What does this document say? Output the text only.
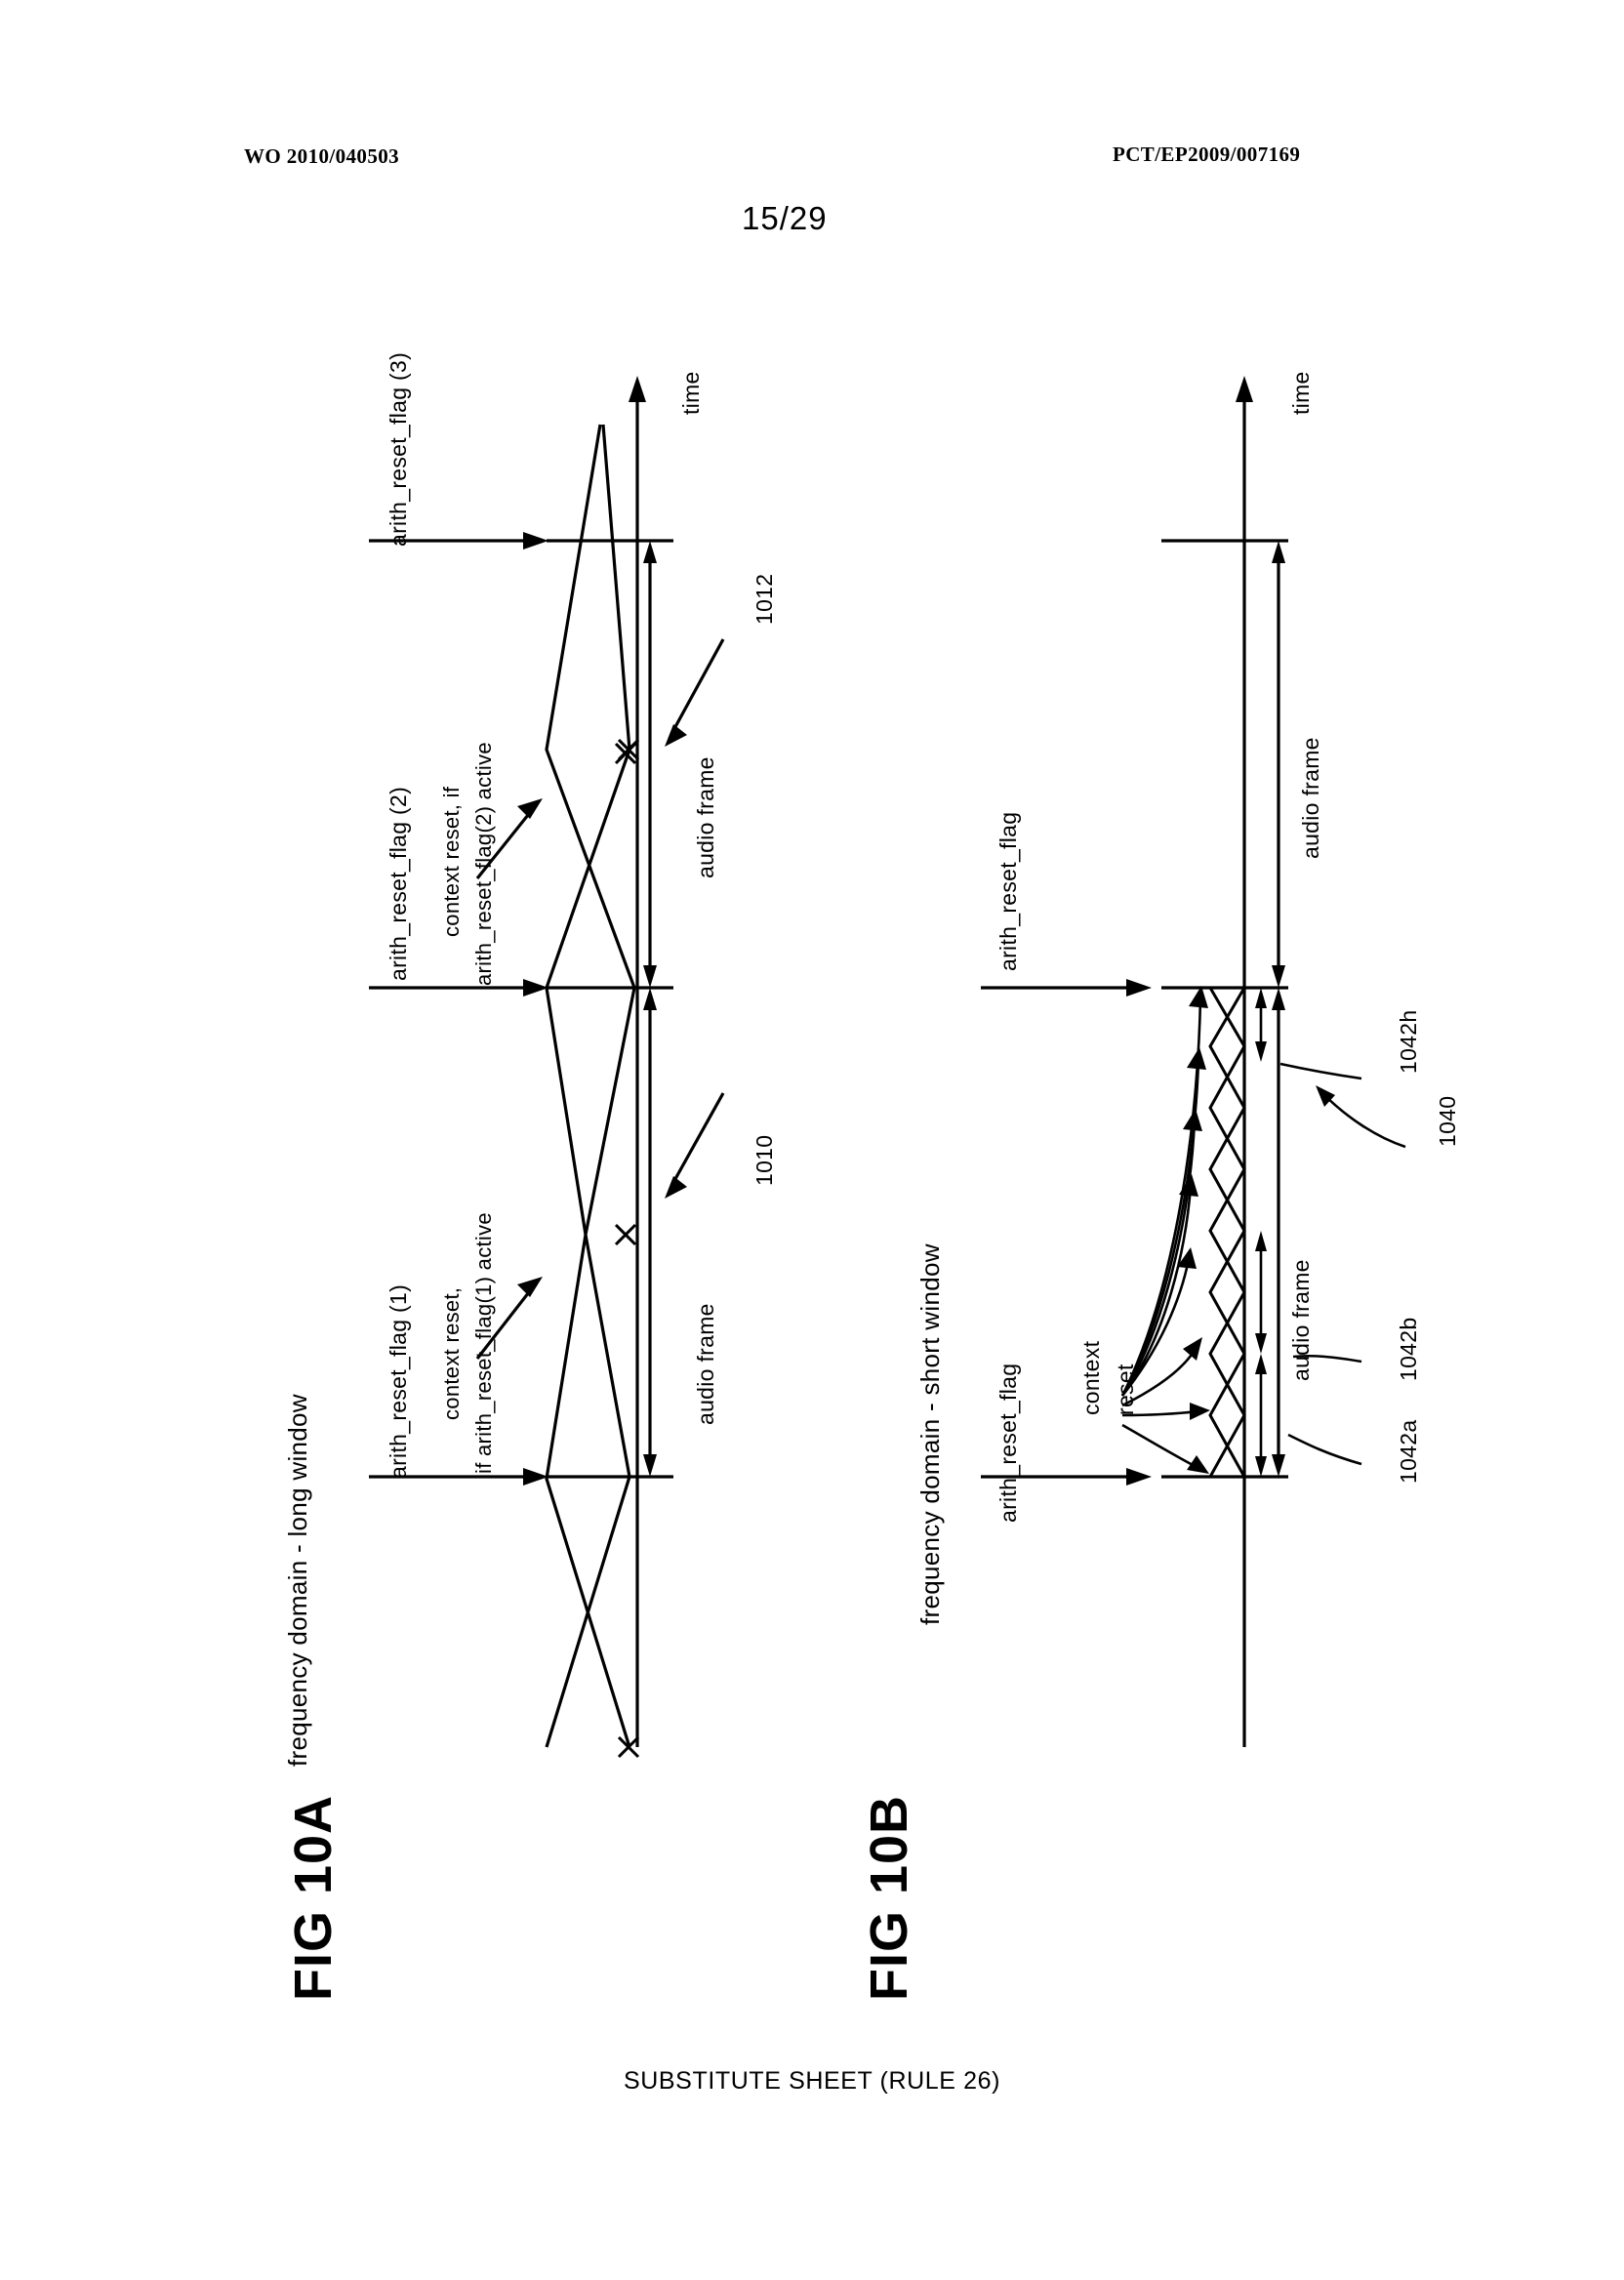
WO 2010/040503	PCT/EP2009/007169
15/29
FIG 10A
frequency domain - long window
time
arith_reset_flag (1)
arith_reset_flag (2)
arith_reset_flag (3)
context reset, if arith_reset_flag(1) active
context reset, if arith_reset_flag(2) active
audio frame
1010
audio frame
1012
FIG 10B
frequency domain - short window
time
arith_reset_flag
arith_reset_flag
context reset
audio frame
audio frame
1042a
1042b
1042h
1040
SUBSTITUTE SHEET (RULE 26)
